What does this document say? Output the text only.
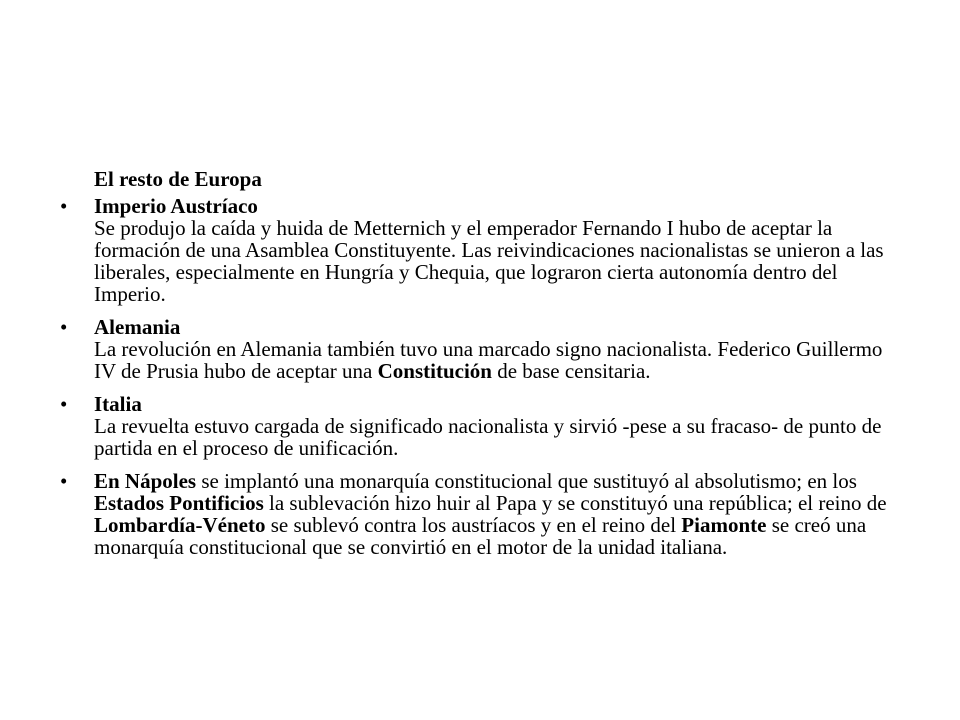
El resto de Europa
•	Imperio Austríaco
Se produjo la caída y huida de Metternich y el emperador Fernando I hubo de aceptar la formación de una Asamblea Constituyente. Las reivindicaciones nacionalistas se unieron a las liberales, especialmente en Hungría y Chequia, que lograron cierta autonomía dentro del Imperio.
•	Alemania
La revolución en Alemania también tuvo una marcado signo nacionalista. Federico Guillermo IV de Prusia hubo de aceptar una Constitución de base censitaria.
•	Italia
La revuelta estuvo cargada de significado nacionalista y sirvió -pese a su fracaso- de punto de partida en el proceso de unificación.
•	En Nápoles se implantó una monarquía constitucional que sustituyó al absolutismo; en los Estados Pontificios la sublevación hizo huir al Papa y se constituyó una república; el reino de Lombardía-Véneto se sublevó contra los austríacos y en el reino del Piamonte se creó una monarquía constitucional que se convirtió en el motor de la unidad italiana.
